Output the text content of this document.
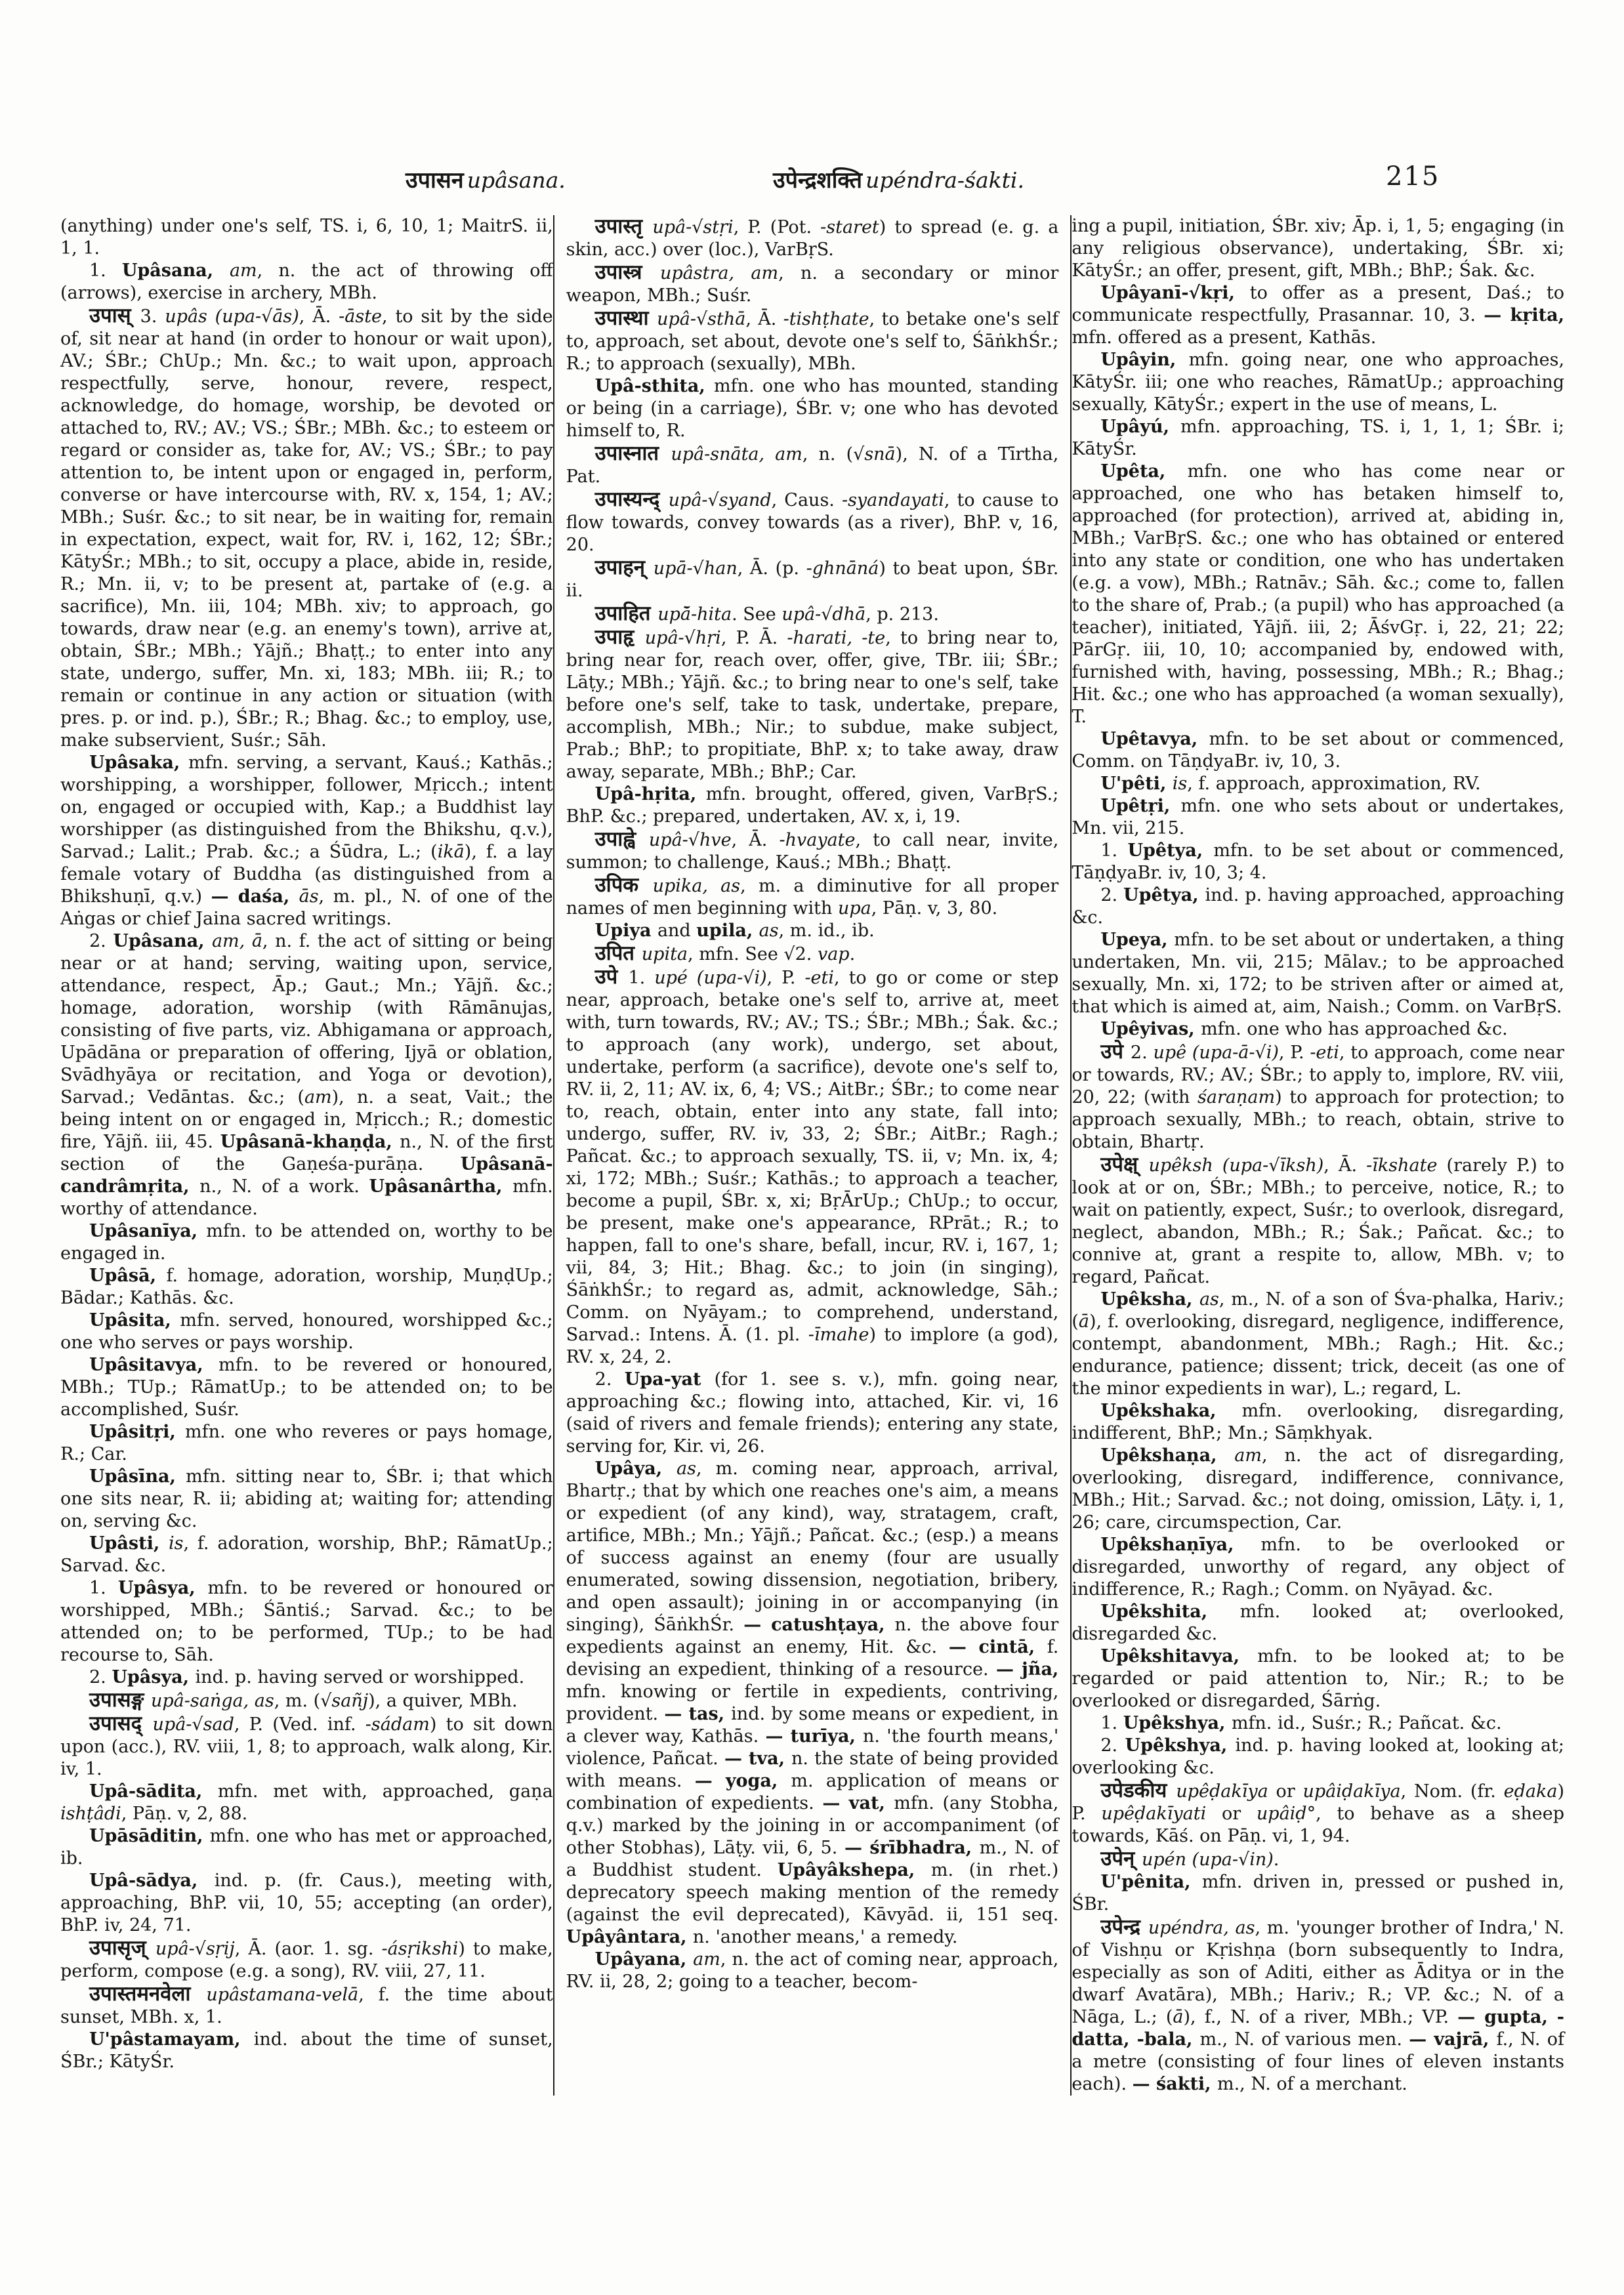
उपासन upâsana.	उपेन्द्रशक्ति upéndra-śakti.	215

(anything) under one's self, TS. i, 6, 10, 1; MaitrS. ii, 1, 1.

1. Upâsana, am, n. the act of throwing off (arrows), exercise in archery, MBh.

उपास् 3. upâs (upa-√ās), Ā. -āste, to sit by the side of, sit near at hand (in order to honour or wait upon), AV.; ŚBr.; ChUp.; Mn. &c.; to wait upon, approach respectfully, serve, honour, revere, respect, acknowledge, do homage, worship, be devoted or attached to, RV.; AV.; VS.; ŚBr.; MBh. &c.; to esteem or regard or consider as, take for, AV.; VS.; ŚBr.; to pay attention to, be intent upon or engaged in, perform, converse or have intercourse with, RV. x, 154, 1; AV.; MBh.; Suśr. &c.; to sit near, be in waiting for, remain in expectation, expect, wait for, RV. i, 162, 12; ŚBr.; KātyŚr.; MBh.; to sit, occupy a place, abide in, reside, R.; Mn. ii, v; to be present at, partake of (e.g. a sacrifice), Mn. iii, 104; MBh. xiv; to approach, go towards, draw near (e.g. an enemy's town), arrive at, obtain, ŚBr.; MBh.; Yājñ.; Bhaṭṭ.; to enter into any state, undergo, suffer, Mn. xi, 183; MBh. iii; R.; to remain or continue in any action or situation (with pres. p. or ind. p.), ŚBr.; R.; Bhag. &c.; to employ, use, make subservient, Suśr.; Sāh.

Upâsaka, mfn. serving, a servant, Kauś.; Kathās.; worshipping, a worshipper, follower, Mṛicch.; intent on, engaged or occupied with, Kap.; a Buddhist lay worshipper (as distinguished from the Bhikshu, q.v.), Sarvad.; Lalit.; Prab. &c.; a Śūdra, L.; (ikā), f. a lay female votary of Buddha (as distinguished from a Bhikshuṇī, q.v.) — daśa, ās, m. pl., N. of one of the Aṅgas or chief Jaina sacred writings.

2. Upâsana, am, ā, n. f. the act of sitting or being near or at hand; serving, waiting upon, service, attendance, respect, Āp.; Gaut.; Mn.; Yājñ. &c.; homage, adoration, worship (with Rāmānujas, consisting of five parts, viz. Abhigamana or approach, Upādāna or preparation of offering, Ijyā or oblation, Svādhyāya or recitation, and Yoga or devotion), Sarvad.; Vedāntas. &c.; (am), n. a seat, Vait.; the being intent on or engaged in, Mṛicch.; R.; domestic fire, Yājñ. iii, 45. Upâsanā-khaṇḍa, n., N. of the first section of the Gaṇeśa-purāṇa. Upâsanā-candrâmṛita, n., N. of a work. Upâsanârtha, mfn. worthy of attendance.

Upâsanīya, mfn. to be attended on, worthy to be engaged in.

Upâsā, f. homage, adoration, worship, MuṇḍUp.; Bādar.; Kathās. &c.

Upâsita, mfn. served, honoured, worshipped &c.; one who serves or pays worship.

Upâsitavya, mfn. to be revered or honoured, MBh.; TUp.; RāmatUp.; to be attended on; to be accomplished, Suśr.

Upâsitṛi, mfn. one who reveres or pays homage, R.; Car.

Upâsīna, mfn. sitting near to, ŚBr. i; that which one sits near, R. ii; abiding at; waiting for; attending on, serving &c.

Upâsti, is, f. adoration, worship, BhP.; RāmatUp.; Sarvad. &c.

1. Upâsya, mfn. to be revered or honoured or worshipped, MBh.; Śāntiś.; Sarvad. &c.; to be attended on; to be performed, TUp.; to be had recourse to, Sāh.

2. Upâsya, ind. p. having served or worshipped.

उपासङ्ग upâ-saṅga, as, m. (√sañj), a quiver, MBh.

उपासद् upâ-√sad, P. (Ved. inf. -sádam) to sit down upon (acc.), RV. viii, 1, 8; to approach, walk along, Kir. iv, 1.

Upâ-sādita, mfn. met with, approached, gaṇa ishṭâdi, Pāṇ. v, 2, 88.

Upāsāditin, mfn. one who has met or approached, ib.

Upâ-sādya, ind. p. (fr. Caus.), meeting with, approaching, BhP. vii, 10, 55; accepting (an order), BhP. iv, 24, 71.

उपासृज् upâ-√sṛij, Ā. (aor. 1. sg. -ásṛikshi) to make, perform, compose (e.g. a song), RV. viii, 27, 11.

उपास्तमनवेला upâstamana-velā, f. the time about sunset, MBh. x, 1.

U'pâstamayam, ind. about the time of sunset, ŚBr.; KātyŚr.

उपास्तृ upâ-√stṛi, P. (Pot. -staret) to spread (e. g. a skin, acc.) over (loc.), VarBṛS.

उपास्त्र upâstra, am, n. a secondary or minor weapon, MBh.; Suśr.

उपास्था upâ-√sthā, Ā. -tishṭhate, to betake one's self to, approach, set about, devote one's self to, ŚāṅkhŚr.; R.; to approach (sexually), MBh.

Upâ-sthita, mfn. one who has mounted, standing or being (in a carriage), ŚBr. v; one who has devoted himself to, R.

उपास्नात upâ-snāta, am, n. (√snā), N. of a Tīrtha, Pat.

उपास्यन्द् upâ-√syand, Caus. -syandayati, to cause to flow towards, convey towards (as a river), BhP. v, 16, 20.

उपाहन् upā-√han, Ā. (p. -ghnāná) to beat upon, ŚBr. ii.

उपाहित upā̆-hita. See upâ-√dhā, p. 213.

उपाहृ upâ-√hṛi, P. Ā. -harati, -te, to bring near to, bring near for, reach over, offer, give, TBr. iii; ŚBr.; Lāṭy.; MBh.; Yājñ. &c.; to bring near to one's self, take before one's self, take to task, undertake, prepare, accomplish, MBh.; Nir.; to subdue, make subject, Prab.; BhP.; to propitiate, BhP. x; to take away, draw away, separate, MBh.; BhP.; Car.

Upâ-hṛita, mfn. brought, offered, given, VarBṛS.; BhP. &c.; prepared, undertaken, AV. x, i, 19.

उपाह्वे upâ-√hve, Ā. -hvayate, to call near, invite, summon; to challenge, Kauś.; MBh.; Bhaṭṭ.

उपिक upika, as, m. a diminutive for all proper names of men beginning with upa, Pāṇ. v, 3, 80.

Upiya and upila, as, m. id., ib.

उपित upita, mfn. See √2. vap.

उपे 1. upé (upa-√i), P. -eti, to go or come or step near, approach, betake one's self to, arrive at, meet with, turn towards, RV.; AV.; TS.; ŚBr.; MBh.; Śak. &c.; to approach (any work), undergo, set about, undertake, perform (a sacrifice), devote one's self to, RV. ii, 2, 11; AV. ix, 6, 4; VS.; AitBr.; ŚBr.; to come near to, reach, obtain, enter into any state, fall into; undergo, suffer, RV. iv, 33, 2; ŚBr.; AitBr.; Ragh.; Pañcat. &c.; to approach sexually, TS. ii, v; Mn. ix, 4; xi, 172; MBh.; Suśr.; Kathās.; to approach a teacher, become a pupil, ŚBr. x, xi; BṛĀrUp.; ChUp.; to occur, be present, make one's appearance, RPrāt.; R.; to happen, fall to one's share, befall, incur, RV. i, 167, 1; vii, 84, 3; Hit.; Bhag. &c.; to join (in singing), ŚāṅkhŚr.; to regard as, admit, acknowledge, Sāh.; Comm. on Nyāyam.; to comprehend, understand, Sarvad.: Intens. Ā. (1. pl. -īmahe) to implore (a god), RV. x, 24, 2.

2. Upa-yat (for 1. see s. v.), mfn. going near, approaching &c.; flowing into, attached, Kir. vi, 16 (said of rivers and female friends); entering any state, serving for, Kir. vi, 26.

Upâya, as, m. coming near, approach, arrival, Bhartṛ.; that by which one reaches one's aim, a means or expedient (of any kind), way, stratagem, craft, artifice, MBh.; Mn.; Yājñ.; Pañcat. &c.; (esp.) a means of success against an enemy (four are usually enumerated, sowing dissension, negotiation, bribery, and open assault); joining in or accompanying (in singing), ŚāṅkhŚr. — catushṭaya, n. the above four expedients against an enemy, Hit. &c. — cintā, f. devising an expedient, thinking of a resource. — jña, mfn. knowing or fertile in expedients, contriving, provident. — tas, ind. by some means or expedient, in a clever way, Kathās. — turīya, n. 'the fourth means,' violence, Pañcat. — tva, n. the state of being provided with means. — yoga, m. application of means or combination of expedients. — vat, mfn. (any Stobha, q.v.) marked by the joining in or accompaniment (of other Stobhas), Lāṭy. vii, 6, 5. — śrībhadra, m., N. of a Buddhist student. Upâyâkshepa, m. (in rhet.) deprecatory speech making mention of the remedy (against the evil deprecated), Kāvyād. ii, 151 seq. Upâyântara, n. 'another means,' a remedy.

Upâyana, am, n. the act of coming near, approach, RV. ii, 28, 2; going to a teacher, becom-

ing a pupil, initiation, ŚBr. xiv; Āp. i, 1, 5; engaging (in any religious observance), undertaking, ŚBr. xi; KātyŚr.; an offer, present, gift, MBh.; BhP.; Śak. &c.

Upâyanī-√kṛi, to offer as a present, Daś.; to communicate respectfully, Prasannar. 10, 3. — kṛita, mfn. offered as a present, Kathās.

Upâyin, mfn. going near, one who approaches, KātyŚr. iii; one who reaches, RāmatUp.; approaching sexually, KātyŚr.; expert in the use of means, L.

Upâyú, mfn. approaching, TS. i, 1, 1, 1; ŚBr. i; KātyŚr.

Upêta, mfn. one who has come near or approached, one who has betaken himself to, approached (for protection), arrived at, abiding in, MBh.; VarBṛS. &c.; one who has obtained or entered into any state or condition, one who has undertaken (e.g. a vow), MBh.; Ratnāv.; Sāh. &c.; come to, fallen to the share of, Prab.; (a pupil) who has approached (a teacher), initiated, Yājñ. iii, 2; ĀśvGṛ. i, 22, 21; 22; PārGṛ. iii, 10, 10; accompanied by, endowed with, furnished with, having, possessing, MBh.; R.; Bhag.; Hit. &c.; one who has approached (a woman sexually), T.

Upêtavya, mfn. to be set about or commenced, Comm. on TāṇḍyaBr. iv, 10, 3.

U'pêti, is, f. approach, approximation, RV.

Upêtṛi, mfn. one who sets about or undertakes, Mn. vii, 215.

1. Upêtya, mfn. to be set about or commenced, TāṇḍyaBr. iv, 10, 3; 4.

2. Upêtya, ind. p. having approached, approaching &c.

Upeya, mfn. to be set about or undertaken, a thing undertaken, Mn. vii, 215; Mālav.; to be approached sexually, Mn. xi, 172; to be striven after or aimed at, that which is aimed at, aim, Naish.; Comm. on VarBṛS.

Upêyivas, mfn. one who has approached &c.

उपे 2. upê (upa-ā-√i), P. -eti, to approach, come near or towards, RV.; AV.; ŚBr.; to apply to, implore, RV. viii, 20, 22; (with śaraṇam) to approach for protection; to approach sexually, MBh.; to reach, obtain, strive to obtain, Bhartṛ.

उपेक्ष् upêksh (upa-√īksh), Ā. -īkshate (rarely P.) to look at or on, ŚBr.; MBh.; to perceive, notice, R.; to wait on patiently, expect, Suśr.; to overlook, disregard, neglect, abandon, MBh.; R.; Śak.; Pañcat. &c.; to connive at, grant a respite to, allow, MBh. v; to regard, Pañcat.

Upêksha, as, m., N. of a son of Śva-phalka, Hariv.; (ā), f. overlooking, disregard, negligence, indifference, contempt, abandonment, MBh.; Ragh.; Hit. &c.; endurance, patience; dissent; trick, deceit (as one of the minor expedients in war), L.; regard, L.

Upêkshaka, mfn. overlooking, disregarding, indifferent, BhP.; Mn.; Sāṃkhyak.

Upêkshaṇa, am, n. the act of disregarding, overlooking, disregard, indifference, connivance, MBh.; Hit.; Sarvad. &c.; not doing, omission, Lāṭy. i, 1, 26; care, circumspection, Car.

Upêkshaṇīya, mfn. to be overlooked or disregarded, unworthy of regard, any object of indifference, R.; Ragh.; Comm. on Nyāyad. &c.

Upêkshita, mfn. looked at; overlooked, disregarded &c.

Upêkshitavya, mfn. to be looked at; to be regarded or paid attention to, Nir.; R.; to be overlooked or disregarded, Śārṅg.

1. Upêkshya, mfn. id., Suśr.; R.; Pañcat. &c.

2. Upêkshya, ind. p. having looked at, looking at; overlooking &c.

उपेडकीय upêḍakīya or upâiḍakīya, Nom. (fr. eḍaka) P. upêḍakīyati or upâiḍ°, to behave as a sheep towards, Kāś. on Pāṇ. vi, 1, 94.

उपेन् upén (upa-√in).

U'pênita, mfn. driven in, pressed or pushed in, ŚBr.

उपेन्द्र upéndra, as, m. 'younger brother of Indra,' N. of Vishṇu or Kṛishṇa (born subsequently to Indra, especially as son of Aditi, either as Āditya or in the dwarf Avatāra), MBh.; Hariv.; R.; VP. &c.; N. of a Nāga, L.; (ā), f., N. of a river, MBh.; VP. — gupta, -datta, -bala, m., N. of various men. — vajrā, f., N. of a metre (consisting of four lines of eleven instants each). — śakti, m., N. of a merchant.
